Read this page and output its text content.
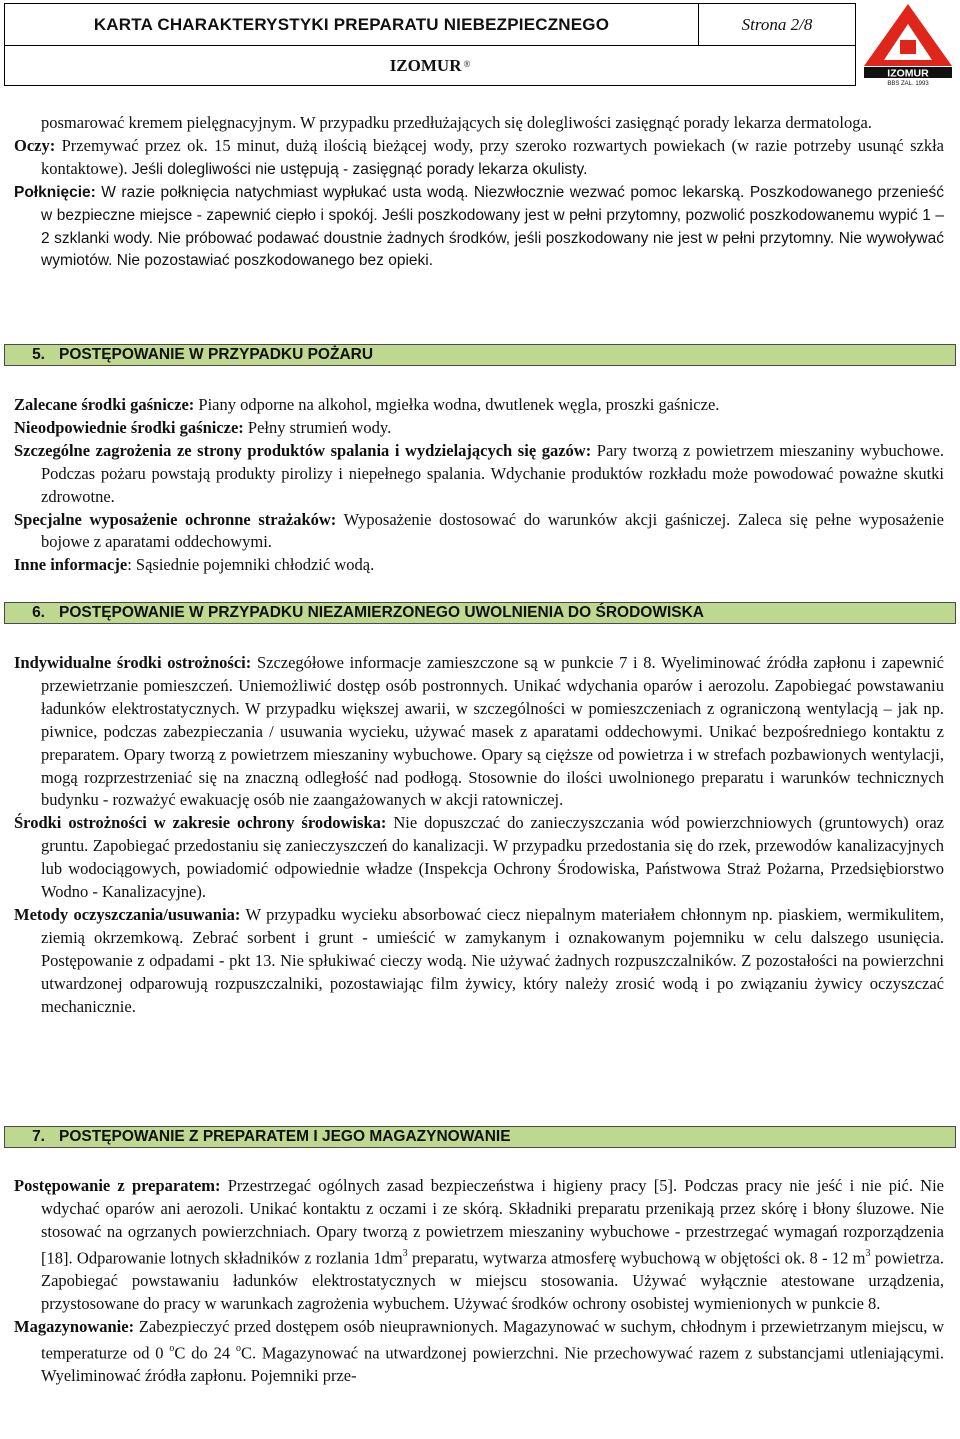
KARTA CHARAKTERYSTYKI PREPARATU NIEBEZPIECZNEGO	Strona 2/8
IZOMUR®
IZOMUR
BBS ZAL. 1993

posmarować kremem pielęgnacyjnym. W przypadku przedłużających się dolegliwości zasięgnąć porady lekarza dermatologa.

Oczy: Przemywać przez ok. 15 minut, dużą ilością bieżącej wody, przy szeroko rozwartych powiekach (w razie potrzeby usunąć szkła kontaktowe). Jeśli dolegliwości nie ustępują - zasięgnąć porady lekarza okulisty.

Połknięcie: W razie połknięcia natychmiast wypłukać usta wodą. Niezwłocznie wezwać pomoc lekarską. Poszkodowanego przenieść w bezpieczne miejsce - zapewnić ciepło i spokój. Jeśli poszkodowany jest w pełni przytomny, pozwolić poszkodowanemu wypić 1 – 2 szklanki wody. Nie próbować podawać doustnie żadnych środków, jeśli poszkodowany nie jest w pełni przytomny. Nie wywoływać wymiotów. Nie pozostawiać poszkodowanego bez opieki.

5. POSTĘPOWANIE W PRZYPADKU POŻARU

Zalecane środki gaśnicze: Piany odporne na alkohol, mgiełka wodna, dwutlenek węgla, proszki gaśnicze.

Nieodpowiednie środki gaśnicze: Pełny strumień wody.

Szczególne zagrożenia ze strony produktów spalania i wydzielających się gazów: Pary tworzą z powietrzem mieszaniny wybuchowe. Podczas pożaru powstają produkty pirolizy i niepełnego spalania. Wdychanie produktów rozkładu może powodować poważne skutki zdrowotne.

Specjalne wyposażenie ochronne strażaków: Wyposażenie dostosować do warunków akcji gaśniczej. Zaleca się pełne wyposażenie bojowe z aparatami oddechowymi.

Inne informacje: Sąsiednie pojemniki chłodzić wodą.

6. POSTĘPOWANIE W PRZYPADKU NIEZAMIERZONEGO UWOLNIENIA DO ŚRODOWISKA

Indywidualne środki ostrożności: Szczegółowe informacje zamieszczone są w punkcie 7 i 8. Wyeliminować źródła zapłonu i zapewnić przewietrzanie pomieszczeń. Uniemożliwić dostęp osób postronnych. Unikać wdychania oparów i aerozolu. Zapobiegać powstawaniu ładunków elektrostatycznych. W przypadku większej awarii, w szczególności w pomieszczeniach z ograniczoną wentylacją – jak np. piwnice, podczas zabezpieczania / usuwania wycieku, używać masek z aparatami oddechowymi. Unikać bezpośredniego kontaktu z preparatem. Opary tworzą z powietrzem mieszaniny wybuchowe. Opary są cięższe od powietrza i w strefach pozbawionych wentylacji, mogą rozprzestrzeniać się na znaczną odległość nad podłogą. Stosownie do ilości uwolnionego preparatu i warunków technicznych budynku - rozważyć ewakuację osób nie zaangażowanych w akcji ratowniczej.

Środki ostrożności w zakresie ochrony środowiska: Nie dopuszczać do zanieczyszczania wód powierzchniowych (gruntowych) oraz gruntu. Zapobiegać przedostaniu się zanieczyszczeń do kanalizacji. W przypadku przedostania się do rzek, przewodów kanalizacyjnych lub wodociągowych, powiadomić odpowiednie władze (Inspekcja Ochrony Środowiska, Państwowa Straż Pożarna, Przedsiębiorstwo Wodno - Kanalizacyjne).

Metody oczyszczania/usuwania: W przypadku wycieku absorbować ciecz niepalnym materiałem chłonnym np. piaskiem, wermikulitem, ziemią okrzemkową. Zebrać sorbent i grunt - umieścić w zamykanym i oznakowanym pojemniku w celu dalszego usunięcia. Postępowanie z odpadami - pkt 13. Nie spłukiwać cieczy wodą. Nie używać żadnych rozpuszczalników. Z pozostałości na powierzchni utwardzonej odparowują rozpuszczalniki, pozostawiając film żywicy, który należy zrosić wodą i po związaniu żywicy oczyszczać mechanicznie.

7. POSTĘPOWANIE Z PREPARATEM I JEGO MAGAZYNOWANIE

Postępowanie z preparatem: Przestrzegać ogólnych zasad bezpieczeństwa i higieny pracy [5]. Podczas pracy nie jeść i nie pić. Nie wdychać oparów ani aerozoli. Unikać kontaktu z oczami i ze skórą. Składniki preparatu przenikają przez skórę i błony śluzowe. Nie stosować na ogrzanych powierzchniach. Opary tworzą z powietrzem mieszaniny wybuchowe - przestrzegać wymagań rozporządzenia [18]. Odparowanie lotnych składników z rozlania $1dm^3$ preparatu, wytwarza atmosferę wybuchową w objętości ok. 8 - 12 $m^3$ powietrza. Zapobiegać powstawaniu ładunków elektrostatycznych w miejscu stosowania. Używać wyłącznie atestowane urządzenia, przystosowane do pracy w warunkach zagrożenia wybuchem. Używać środków ochrony osobistej wymienionych w punkcie 8.

Magazynowanie: Zabezpieczyć przed dostępem osób nieuprawnionych. Magazynować w suchym, chłodnym i przewietrzanym miejscu, w temperaturze od 0 $^o$C do 24 $^o$C. Magazynować na utwardzonej powierzchni. Nie przechowywać razem z substancjami utleniającymi. Wyeliminować źródła zapłonu. Pojemniki prze-
